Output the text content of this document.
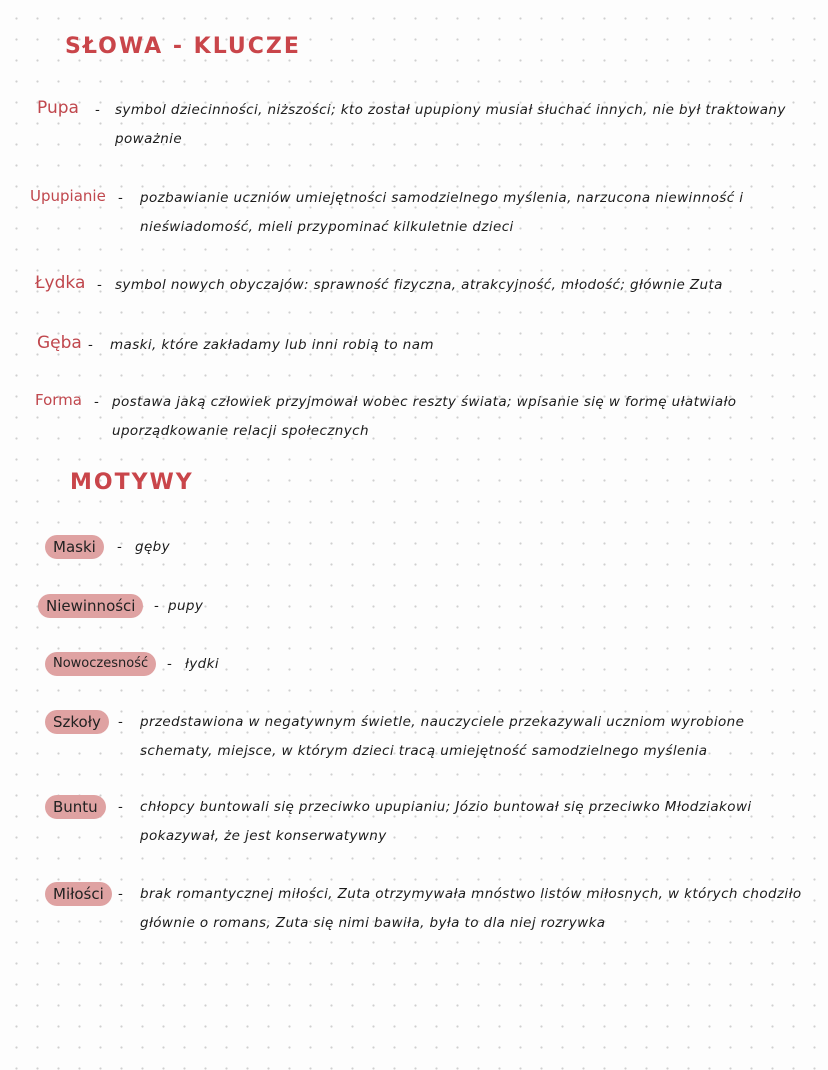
SŁOWA - KLUCZE
Pupa - symbol dziecinności, niższości; kto został upupiony musiał słuchać innych, nie był traktowany poważnie
Upupianie - pozbawianie uczniów umiejętności samodzielnego myślenia, narzucona niewinność i nieświadomość, mieli przypominać kilkuletnie dzieci
Łydka - symbol nowych obyczajów: sprawność fizyczna, atrakcyjność, młodość; głównie Zuta
Gęba - maski, które zakładamy lub inni robią to nam
Forma - postawa jaką człowiek przyjmował wobec reszty świata; wpisanie się w formę ułatwiało uporządkowanie relacji społecznych
MOTYWY
Maski	- gęby
Niewinności	- pupy
Nowoczesność	- łydki
Szkoły	- przedstawiona w negatywnym świetle, nauczyciele przekazywali uczniom wyrobione schematy, miejsce, w którym dzieci tracą umiejętność samodzielnego myślenia
Buntu	- chłopcy buntowali się przeciwko upupianiu; Józio buntował się przeciwko Młodziakowi pokazywał, że jest konserwatywny
Miłości	- brak romantycznej miłości, Zuta otrzymywała mnóstwo listów miłosnych, w których chodziło głównie o romans, Zuta się nimi bawiła, była to dla niej rozrywka
